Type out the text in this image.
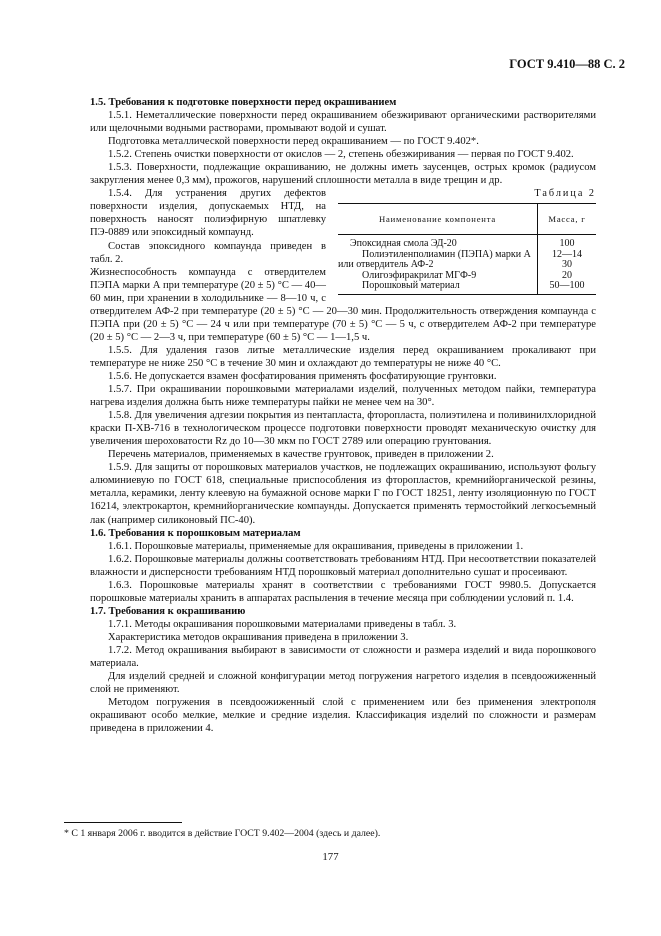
ГОСТ 9.410—88 С. 2

1.5. Требования к подготовке поверхности перед окрашиванием

1.5.1. Неметаллические поверхности перед окрашиванием обезжиривают органическими растворителями или щелочными водными растворами, промывают водой и сушат.

Подготовка металлической поверхности перед окрашиванием — по ГОСТ 9.402*.

1.5.2. Степень очистки поверхности от окислов — 2, степень обезжиривания — первая по ГОСТ 9.402.

1.5.3. Поверхности, подлежащие окрашиванию, не должны иметь заусенцев, острых кромок (радиусом закругления менее 0,3 мм), прожогов, нарушений сплошности металла в виде трещин и др.

Таблица 2
Наименование компонента	Масса, г

Эпоксидная смола ЭД-20	100

Полиэтиленполиамин (ПЭПА) марки А	12—14
или отвердитель АФ-2	30

Олигоэфиракрилат МГФ-9	20

Порошковый материал	50—100

1.5.4. Для устранения других дефектов поверхности изделия, допускаемых НТД, на поверхность наносят полиэфирную шпатлевку ПЭ-0889 или эпоксидный компаунд.

Состав эпоксидного компаунда приведен в табл. 2.

Жизнеспособность компаунда с отвердителем ПЭПА марки А при температуре (20 ± 5) °С — 40—60 мин, при хранении в холодильнике — 8—10 ч, с отвердителем АФ-2 при температуре (20 ± 5) °С — 20—30 мин. Продолжительность отверждения компаунда с ПЭПА при (20 ± 5) °С — 24 ч или при температуре (70 ± 5) °С — 5 ч, с отвердителем АФ-2 при температуре (20 ± 5) °С — 2—3 ч, при температуре (60 ± 5) °С — 1—1,5 ч.

1.5.5. Для удаления газов литые металлические изделия перед окрашиванием прокаливают при температуре не ниже 250 °С в течение 30 мин и охлаждают до температуры не ниже 40 °С.

1.5.6. Не допускается взамен фосфатирования применять фосфатирующие грунтовки.

1.5.7. При окрашивании порошковыми материалами изделий, полученных методом пайки, температура нагрева изделия должна быть ниже температуры пайки не менее чем на 30°.

1.5.8. Для увеличения адгезии покрытия из пентапласта, фторопласта, полиэтилена и поливинилхлоридной краски П-ХВ-716 в технологическом процессе подготовки поверхности проводят механическую очистку для увеличения шероховатости Rz до 10—30 мкм по ГОСТ 2789 или операцию грунтования.

Перечень материалов, применяемых в качестве грунтовок, приведен в приложении 2.

1.5.9. Для защиты от порошковых материалов участков, не подлежащих окрашиванию, используют фольгу алюминиевую по ГОСТ 618, специальные приспособления из фторопластов, кремнийорганической резины, металла, керамики, ленту клеевую на бумажной основе марки Г по ГОСТ 18251, ленту изоляционную по ГОСТ 16214, электрокартон, кремнийорганические компаунды. Допускается применять термостойкий легкосъемный лак (например силиконовый ПС-40).

1.6. Требования к порошковым материалам

1.6.1. Порошковые материалы, применяемые для окрашивания, приведены в приложении 1.

1.6.2. Порошковые материалы должны соответствовать требованиям НТД. При несоответствии показателей влажности и дисперсности требованиям НТД порошковый материал дополнительно сушат и просеивают.

1.6.3. Порошковые материалы хранят в соответствии с требованиями ГОСТ 9980.5. Допускается порошковые материалы хранить в аппаратах распыления в течение месяца при соблюдении условий п. 1.4.

1.7. Требования к окрашиванию

1.7.1. Методы окрашивания порошковыми материалами приведены в табл. 3.

Характеристика методов окрашивания приведена в приложении 3.

1.7.2. Метод окрашивания выбирают в зависимости от сложности и размера изделий и вида порошкового материала.

Для изделий средней и сложной конфигурации метод погружения нагретого изделия в псевдоожиженный слой не применяют.

Методом погружения в псевдоожиженный слой с применением или без применения электрополя окрашивают особо мелкие, мелкие и средние изделия. Классификация изделий по сложности и размерам приведена в приложении 4.

* С 1 января 2006 г. вводится в действие ГОСТ 9.402—2004 (здесь и далее).
177
